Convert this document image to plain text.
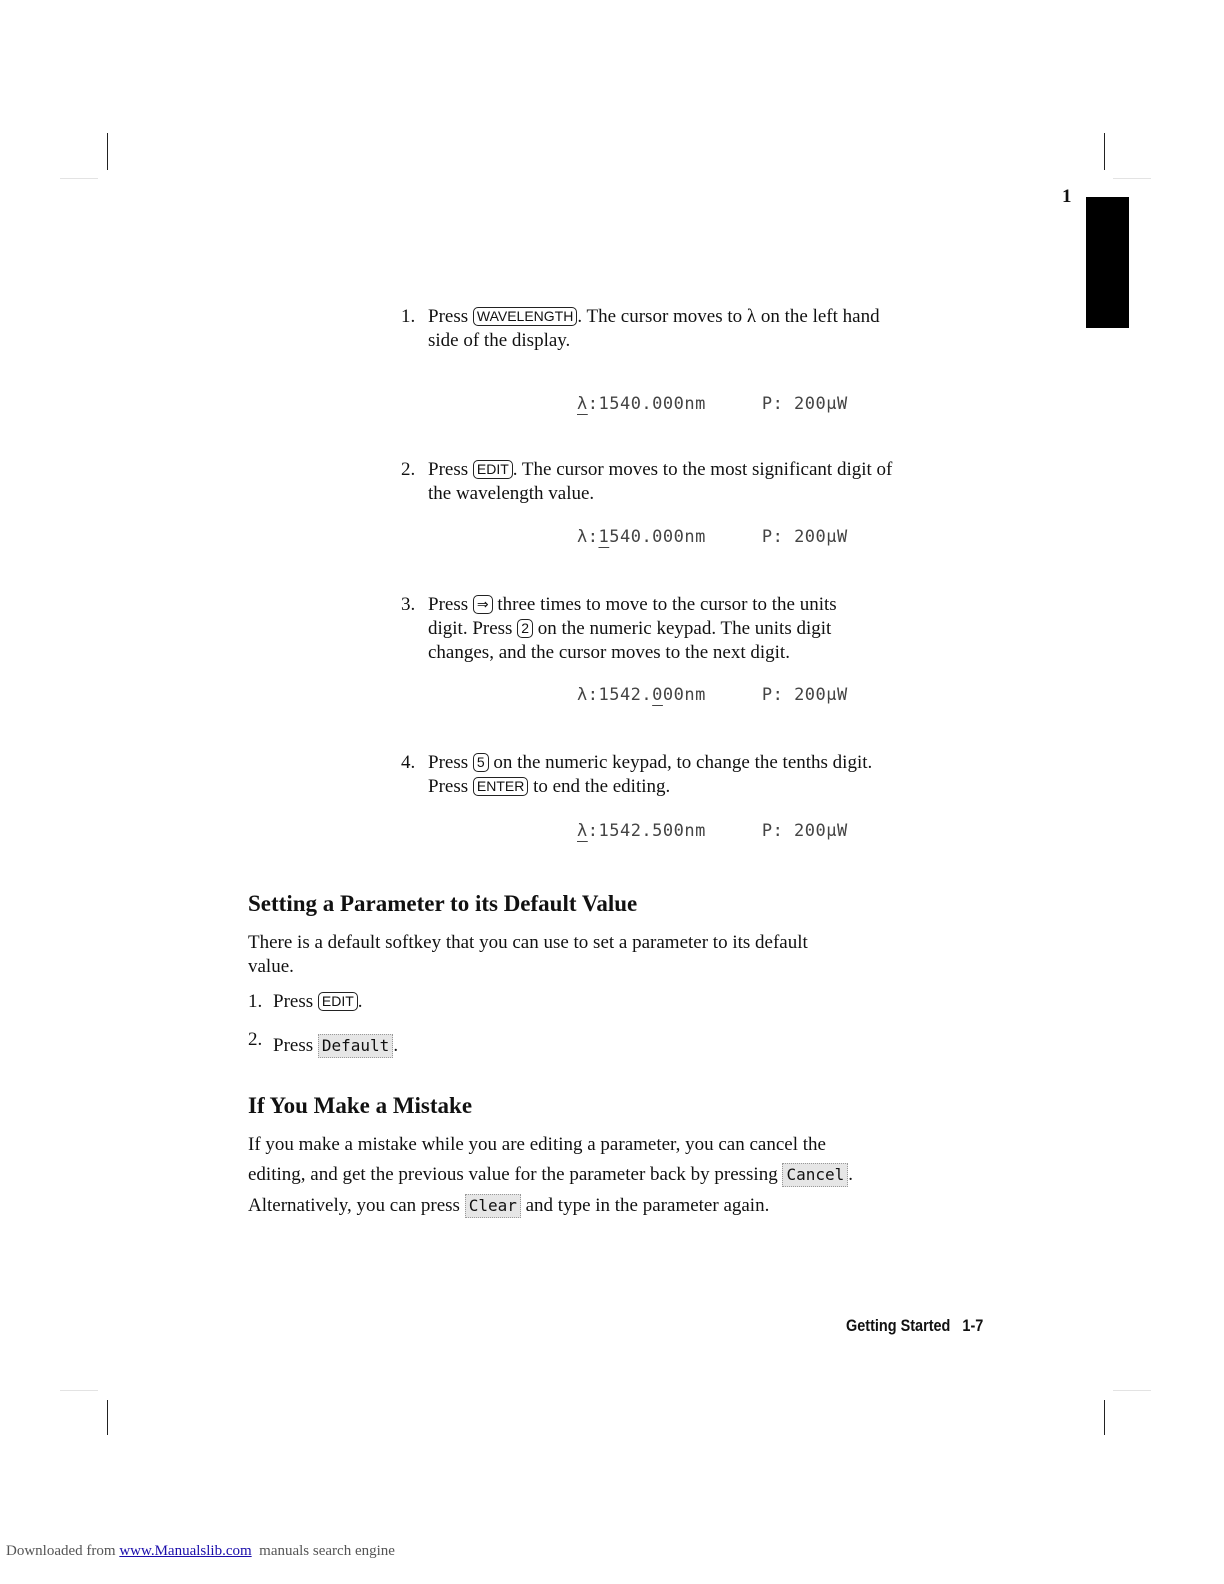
1
1. Press WAVELENGTH . The cursor moves to λ on the left hand
side of the display.
λ:1540.000nm	P: 200μW
2. Press EDIT . The cursor moves to the most significant digit of
the wavelength value.
λ:1540.000nm	P: 200μW
3. Press ⇒ three times to move to the cursor to the units
digit. Press 2 on the numeric keypad. The units digit
changes, and the cursor moves to the next digit.
λ:1542.000nm	P: 200μW
4. Press 5 on the numeric keypad, to change the tenths digit.
Press ENTER to end the editing.
λ:1542.500nm	P: 200μW
Setting a Parameter to its Default Value
There is a default softkey that you can use to set a parameter to its default
value.
1. Press EDIT .
2. Press Default .
If You Make a Mistake
If you make a mistake while you are editing a parameter, you can cancel the
editing, and get the previous value for the parameter back by pressing Cancel .
Alternatively, you can press Clear and type in the parameter again.
Getting Started 1-7
Downloaded from www.Manualslib.com  manuals search engine
